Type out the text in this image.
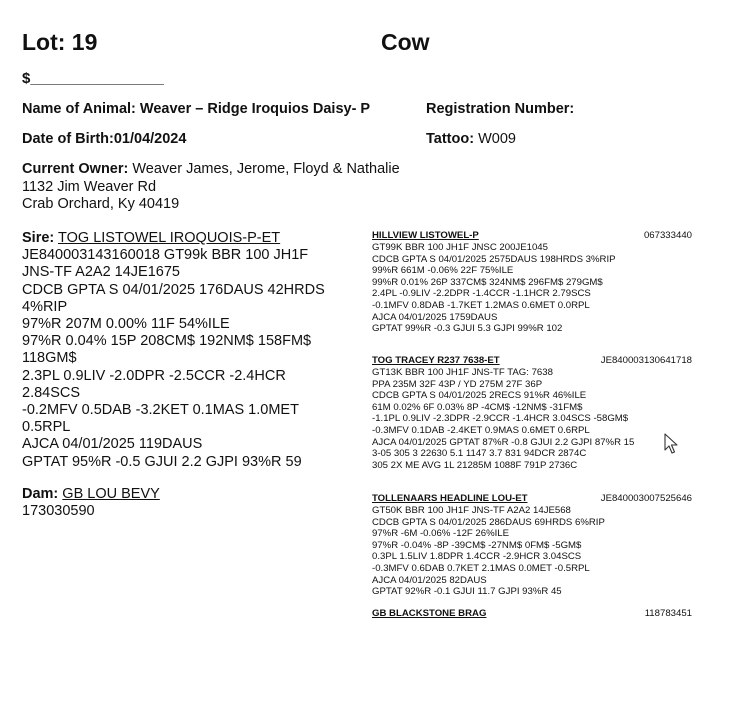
Lot: 19	Cow
$________________
Name of Animal: Weaver – Ridge Iroquios Daisy- P	Registration Number:
Date of Birth:01/04/2024	Tattoo: W009
Current Owner: Weaver James, Jerome, Floyd & Nathalie
1132 Jim Weaver Rd
Crab Orchard, Ky 40419
Sire: TOG LISTOWEL IROQUOIS-P-ET
JE840003143160018 GT99k BBR 100 JH1F
JNS-TF A2A2 14JE1675
CDCB GPTA S 04/01/2025 176DAUS 42HRDS
4%RIP
97%R 207M 0.00% 11F 54%ILE
97%R 0.04% 15P 208CM$ 192NM$ 158FM$
118GM$
2.3PL 0.9LIV -2.0DPR -2.5CCR -2.4HCR
2.84SCS
-0.2MFV 0.5DAB -3.2KET 0.1MAS 1.0MET
0.5RPL
AJCA 04/01/2025 119DAUS
GPTAT 95%R -0.5 GJUI 2.2 GJPI 93%R 59
Dam: GB LOU BEVY
173030590
HILLVIEW LISTOWEL-P	067333440
GT99K BBR 100 JH1F JNSC 200JE1045
CDCB GPTA S 04/01/2025 2575DAUS 198HRDS 3%RIP
99%R 661M -0.06% 22F 75%ILE
99%R 0.01% 26P 337CM$ 324NM$ 296FM$ 279GM$
2.4PL -0.9LIV -2.2DPR -1.4CCR -1.1HCR 2.79SCS
-0.1MFV 0.8DAB -1.7KET 1.2MAS 0.6MET 0.0RPL
AJCA 04/01/2025 1759DAUS
GPTAT 99%R -0.3 GJUI 5.3 GJPI 99%R 102
TOG TRACEY R237 7638-ET	JE840003130641718
GT13K BBR 100 JH1F JNS-TF TAG: 7638
PPA 235M 32F 43P / YD 275M 27F 36P
CDCB GPTA S 04/01/2025 2RECS 91%R 46%ILE
61M 0.02% 6F 0.03% 8P -4CM$ -12NM$ -31FM$
-1.1PL 0.9LIV -2.3DPR -2.9CCR -1.4HCR 3.04SCS -58GM$
-0.3MFV 0.1DAB -2.4KET 0.9MAS 0.6MET 0.6RPL
AJCA 04/01/2025 GPTAT 87%R -0.8 GJUI 2.2 GJPI 87%R 15
3-05 305 3 22630 5.1 1147 3.7 831 94DCR 2874C
305 2X ME AVG 1L 21285M 1088F 791P 2736C
TOLLENAARS HEADLINE LOU-ET	JE840003007525646
GT50K BBR 100 JH1F JNS-TF A2A2 14JE568
CDCB GPTA S 04/01/2025 286DAUS 69HRDS 6%RIP
97%R -6M -0.06% -12F 26%ILE
97%R -0.04% -8P -39CM$ -27NM$ 0FM$ -5GM$
0.3PL 1.5LIV 1.8DPR 1.4CCR -2.9HCR 3.04SCS
-0.3MFV 0.6DAB 0.7KET 2.1MAS 0.0MET -0.5RPL
AJCA 04/01/2025 82DAUS
GPTAT 92%R -0.1 GJUI 11.7 GJPI 93%R 45
GB BLACKSTONE BRAG	118783451
